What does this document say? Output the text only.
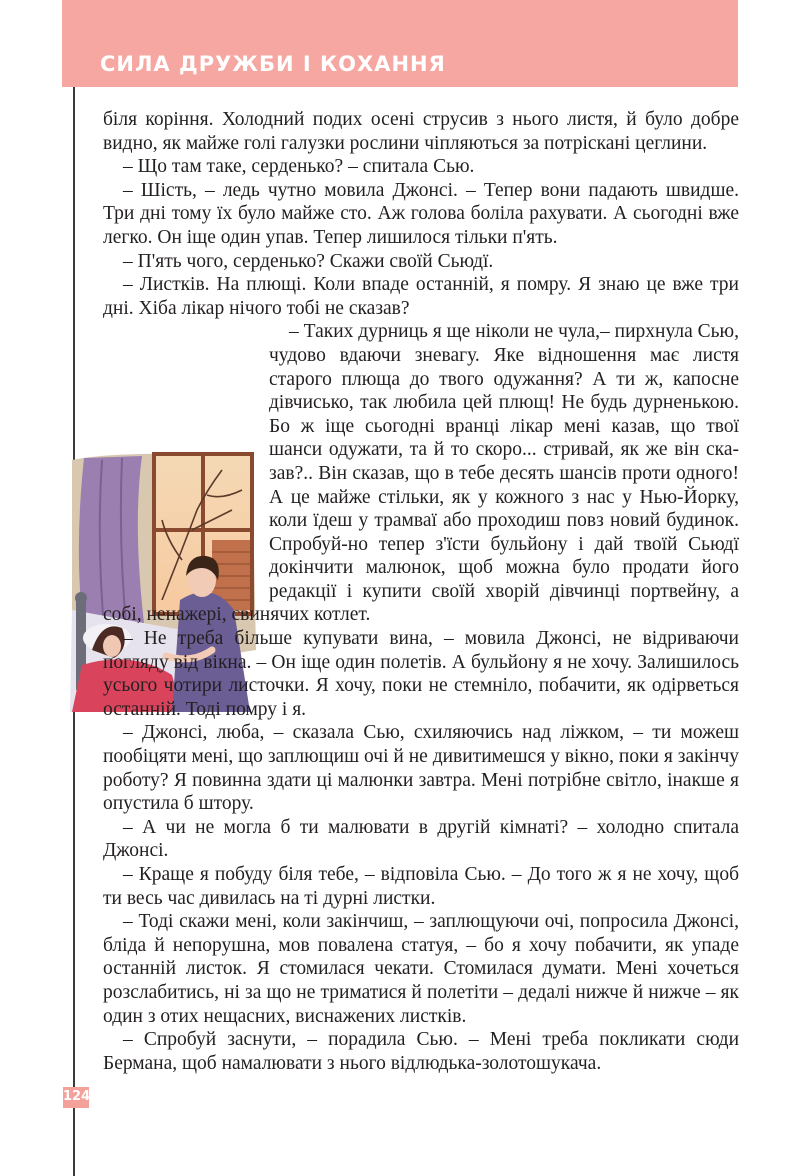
СИЛА ДРУЖБИ І КОХАННЯ

біля коріння. Холодний подих осені струсив з нього листя, й було добре видно, як майже голі галузки рослини чіпляються за потріскані цеглини.

– Що там таке, серденько? – спитала Сью.

– Шість, – ледь чутно мовила Джонсі. – Тепер вони падають швидше. Три дні тому їх було майже сто. Аж голова боліла рахувати. А сьогодні вже легко. Он іще один упав. Тепер лишилося тільки п'ять.

– П'ять чого, серденько? Скажи своїй Сьюдї.

– Листків. На плющі. Коли впаде останній, я помру. Я знаю це вже три дні. Хіба лікар нічого тобі не сказав?

– Таких дурниць я ще ніколи не чула,– пирхнула Сью, чудово вдаючи зневагу. Яке відношення має листя старого плюща до твого одужання? А ти ж, капосне дівчисько, так любила цей плющ! Не будь дурненькою. Бо ж іще сьогодні вранці лікар мені казав, що твої шанси одужати, та й то скоро... стривай, як же він сказав?.. Він сказав, що в тебе десять шансів проти одного! А це майже стільки, як у кожного з нас у Нью-Йорку, коли їдеш у трамваї або проходиш повз новий будинок. Спробуй-но тепер з'їсти бульйону і дай твоїй Сьюдї докінчити малюнок, щоб можна було продати його редакції і купити своїй хворій дівчинці портвейну, а собі, ненажері, свинячих котлет.

– Не треба більше купувати вина, – мовила Джонсі, не відриваючи погляду від вікна. – Он іще один полетів. А бульйону я не хочу. Залишилось усього чотири листочки. Я хочу, поки не стемніло, побачити, як одірветься останній. Тоді помру і я.

– Джонсі, люба, – сказала Сью, схиляючись над ліжком, – ти можеш пообіцяти мені, що заплющиш очі й не дивитимешся у вікно, поки я закінчу роботу? Я повинна здати ці малюнки завтра. Мені потрібне світло, інакше я опустила б штору.

– А чи не могла б ти малювати в другій кімнаті? – холодно спитала Джонсі.

– Краще я побуду біля тебе, – відповіла Сью. – До того ж я не хочу, щоб ти весь час дивилась на ті дурні листки.

– Тоді скажи мені, коли закінчиш, – заплющуючи очі, попросила Джонсі, бліда й непорушна, мов повалена статуя, – бо я хочу побачити, як упаде останній листок. Я стомилася чекати. Стомилася думати. Мені хочеться розслабитись, ні за що не триматися й полетіти – дедалі нижче й нижче – як один з отих нещасних, виснажених листків.

– Спробуй заснути, – порадила Сью. – Мені треба покликати сюди Бермана, щоб намалювати з нього відлюдька-золотошукача.

124
